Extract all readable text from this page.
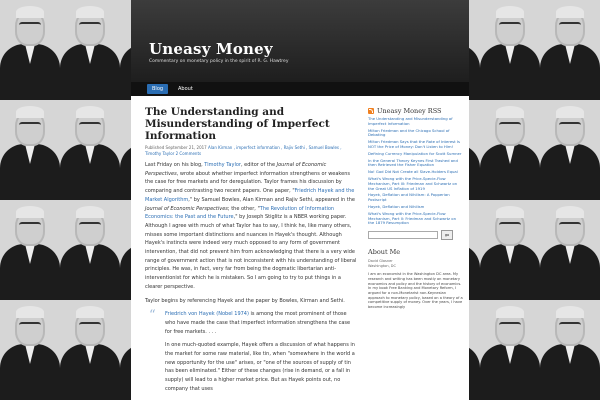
Uneasy Money
Commentary on monetary policy in the spirit of R. G. Hawtrey
Blog	About
The Understanding and Misunderstanding of Imperfect Information
Published September 21, 2017 Alan Kirman , imperfect information , Rajiv Sethi , Samuel Bowles , Timothy Taylor 2 Comments
Last Friday on his blog, Timothy Taylor, editor of the Journal of Economic Perspectives, wrote about whether imperfect information strengthens or weakens the case for free markets and for deregulation. Taylor frames his discussion by comparing and contrasting two recent papers. One paper, "Friedrich Hayek and the Market Algorithm," by Samuel Bowles, Alan Kirman and Rajiv Sethi, appeared in the Journal of Economic Perspectives; the other, "The Revolution of Information Economics: the Past and the Future," by Joseph Stiglitz is a NBER working paper. Although I agree with much of what Taylor has to say, I think he, like many others, misses some important distinctions and nuances in Hayek's thought. Although Hayek's instincts were indeed very much opposed to any form of government intervention, that did not prevent him from acknowledging that there is a very wide range of government action that is not inconsistent with his understanding of liberal principles. He was, in fact, very far from being the dogmatic libertarian anti-interventionist for which he is mistaken. So I am going to try to put things in a clearer perspective.
Taylor begins by referencing Hayek and the paper by Bowles, Kirman and Sethi.
“ Friedrich von Hayek (Nobel 1974) is among the most prominent of those who have made the case that imperfect information strengthens the case for free markets. . . .
In one much-quoted example, Hayek offers a discussion of what happens in the market for some raw material, like tin, when "somewhere in the world a new opportunity for the use" arises, or "one of the sources of supply of tin has been eliminated." Either of these changes (rise in demand, or a fall in supply) will lead to a higher market price. But as Hayek points out, no company that uses
Uneasy Money RSS
The Understanding and Misunderstanding of Imperfect Information
Milton Friedman and the Chicago School of Debating
Milton Friedman Says that the Rate of Interest Is NOT the Price of Money: Don't Listen to Him!
Defining Currency Manipulation for Scott Sumner
In the General Theory Keynes First Trashed and then Retrieved the Fisher Equation
No! God Did Not Create all Slave-Holders Equal
What's Wrong with the Price-Specie-Flow Mechanism, Part III: Friedman and Schwartz on the Great US Inflation of 1919
Hayek, Deflation and Nihilism: A Popperian Postscript
Hayek, Deflation and Nihilism
What's Wrong with the Price-Specie-Flow Mechanism, Part II: Friedman and Schwartz on the 1879 Resumption
go
About Me
David Glasner
Washington, DC
I am an economist in the Washington DC area. My research and writing has been mostly on monetary economics and policy and the history of economics. In my book Free Banking and Monetary Reform, I argued for a non-Monetarist non-Keynesian approach to monetary policy, based on a theory of a competitive supply of money. Over the years, I have become increasingly
